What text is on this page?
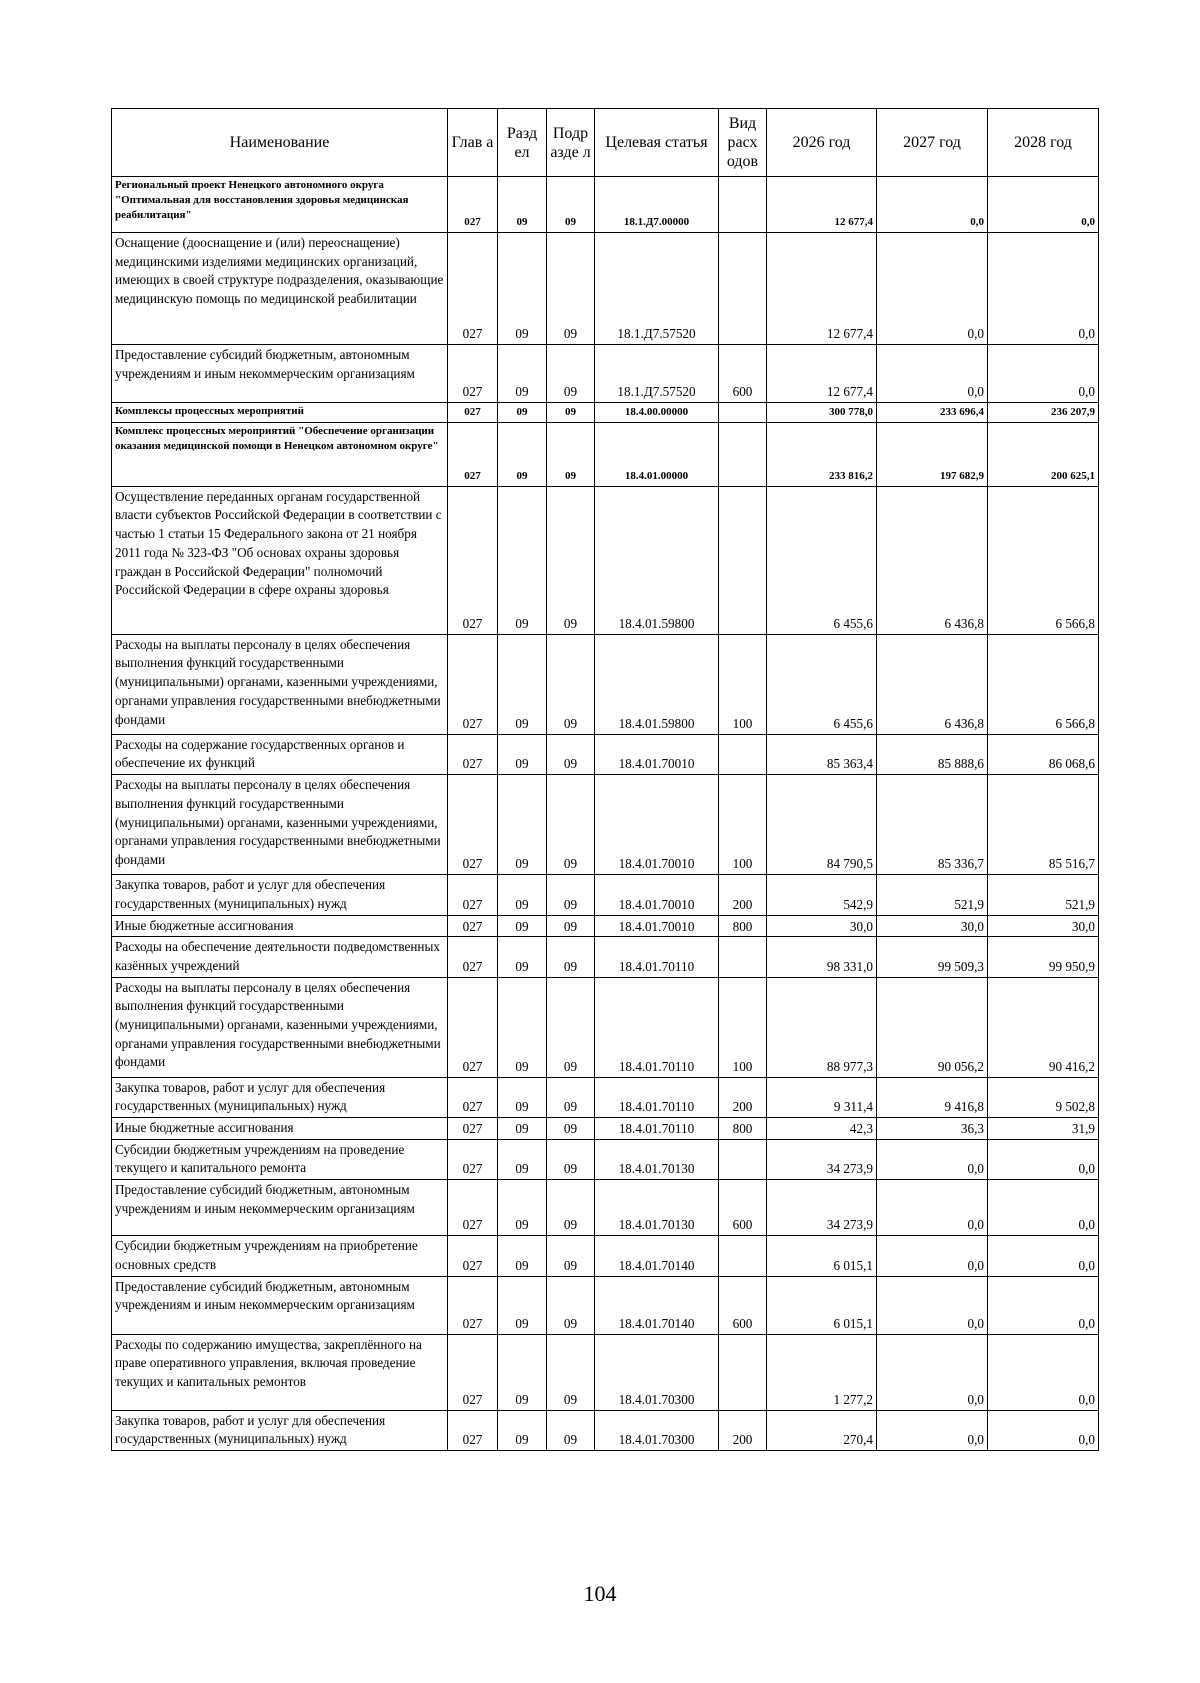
Наименование	Глав а	Разд ел	Подр азде л	Целевая статья	Вид расх одов	2026 год	2027 год	2028 год
Региональный проект Ненецкого автономного округа "Оптимальная для восстановления здоровья медицинская реабилитация"	027	09	09	18.1.Д7.00000		12 677,4	0,0	0,0
Оснащение (дооснащение и (или) переоснащение) медицинскими изделиями медицинских организаций, имеющих в своей структуре подразделения, оказывающие медицинскую помощь по медицинской реабилитации	027	09	09	18.1.Д7.57520		12 677,4	0,0	0,0
Предоставление субсидий бюджетным, автономным учреждениям и иным некоммерческим организациям	027	09	09	18.1.Д7.57520	600	12 677,4	0,0	0,0
Комплексы процессных мероприятий	027	09	09	18.4.00.00000		300 778,0	233 696,4	236 207,9
Комплекс процессных мероприятий "Обеспечение организации оказания медицинской помощи в Ненецком автономном округе"	027	09	09	18.4.01.00000		233 816,2	197 682,9	200 625,1
Осуществление переданных органам государственной власти субъектов Российской Федерации в соответствии с частью 1 статьи 15 Федерального закона от 21 ноября 2011 года № 323-ФЗ "Об основах охраны здоровья граждан в Российской Федерации" полномочий Российской Федерации в сфере охраны здоровья	027	09	09	18.4.01.59800		6 455,6	6 436,8	6 566,8
Расходы на выплаты персоналу в целях обеспечения выполнения функций государственными (муниципальными) органами, казенными учреждениями, органами управления государственными внебюджетными фондами	027	09	09	18.4.01.59800	100	6 455,6	6 436,8	6 566,8
Расходы на содержание государственных органов и обеспечение их функций	027	09	09	18.4.01.70010		85 363,4	85 888,6	86 068,6
Расходы на выплаты персоналу в целях обеспечения выполнения функций государственными (муниципальными) органами, казенными учреждениями, органами управления государственными внебюджетными фондами	027	09	09	18.4.01.70010	100	84 790,5	85 336,7	85 516,7
Закупка товаров, работ и услуг для обеспечения государственных (муниципальных) нужд	027	09	09	18.4.01.70010	200	542,9	521,9	521,9
Иные бюджетные ассигнования	027	09	09	18.4.01.70010	800	30,0	30,0	30,0
Расходы на обеспечение деятельности подведомственных казённых учреждений	027	09	09	18.4.01.70110		98 331,0	99 509,3	99 950,9
Расходы на выплаты персоналу в целях обеспечения выполнения функций государственными (муниципальными) органами, казенными учреждениями, органами управления государственными внебюджетными фондами	027	09	09	18.4.01.70110	100	88 977,3	90 056,2	90 416,2
Закупка товаров, работ и услуг для обеспечения государственных (муниципальных) нужд	027	09	09	18.4.01.70110	200	9 311,4	9 416,8	9 502,8
Иные бюджетные ассигнования	027	09	09	18.4.01.70110	800	42,3	36,3	31,9
Субсидии бюджетным учреждениям на проведение текущего и капитального ремонта	027	09	09	18.4.01.70130		34 273,9	0,0	0,0
Предоставление субсидий бюджетным, автономным учреждениям и иным некоммерческим организациям	027	09	09	18.4.01.70130	600	34 273,9	0,0	0,0
Субсидии бюджетным учреждениям на приобретение основных средств	027	09	09	18.4.01.70140		6 015,1	0,0	0,0
Предоставление субсидий бюджетным, автономным учреждениям и иным некоммерческим организациям	027	09	09	18.4.01.70140	600	6 015,1	0,0	0,0
Расходы по содержанию имущества, закреплённого на праве оперативного управления, включая проведение текущих и капитальных ремонтов	027	09	09	18.4.01.70300		1 277,2	0,0	0,0
Закупка товаров, работ и услуг для обеспечения государственных (муниципальных) нужд	027	09	09	18.4.01.70300	200	270,4	0,0	0,0
104
